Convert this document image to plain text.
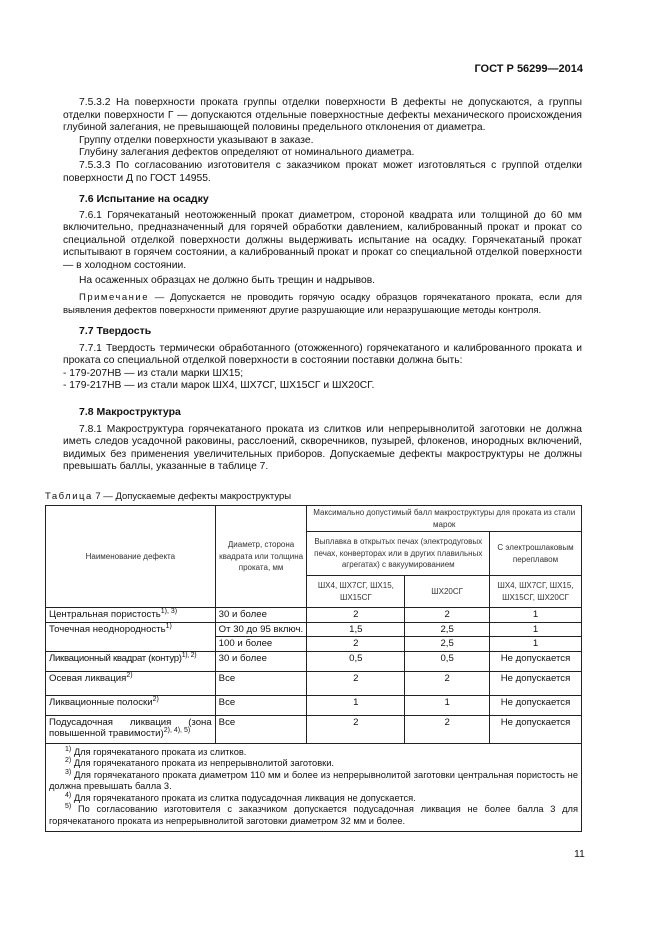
ГОСТ Р 56299—2014

7.5.3.2 На поверхности проката группы отделки поверхности В дефекты не допускаются, а группы отделки поверхности Г — допускаются отдельные поверхностные дефекты механического происхождения глубиной залегания, не превышающей половины предельного отклонения от диаметра.

Группу отделки поверхности указывают в заказе.

Глубину залегания дефектов определяют от номинального диаметра.

7.5.3.3 По согласованию изготовителя с заказчиком прокат может изготовляться с группой отделки поверхности Д по ГОСТ 14955.

7.6 Испытание на осадку

7.6.1 Горячекатаный неотожженный прокат диаметром, стороной квадрата или толщиной до 60 мм включительно, предназначенный для горячей обработки давлением, калиброванный прокат и прокат со специальной отделкой поверхности должны выдерживать испытание на осадку. Горячекатаный прокат испытывают в горячем состоянии, а калиброванный прокат и прокат со специальной отделкой поверхности — в холодном состоянии.

На осаженных образцах не должно быть трещин и надрывов.

Примечание — Допускается не проводить горячую осадку образцов горячекатаного проката, если для выявления дефектов поверхности применяют другие разрушающие или неразрушающие методы контроля.

7.7 Твердость

7.7.1 Твердость термически обработанного (отожженного) горячекатаного и калиброванного проката и проката со специальной отделкой поверхности в состоянии поставки должна быть:

- 179-207НВ — из стали марки ШХ15;

- 179-217НВ — из стали марок ШХ4, ШХ7СГ, ШХ15СГ и ШХ20СГ.

7.8 Макроструктура

7.8.1 Макроструктура горячекатаного проката из слитков или непрерывнолитой заготовки не должна иметь следов усадочной раковины, расслоений, скворечников, пузырей, флокенов, инородных включений, видимых без применения увеличительных приборов. Допускаемые дефекты макроструктуры не должны превышать баллы, указанные в таблице 7.

Таблица 7 — Допускаемые дефекты макроструктуры
Наименование дефекта	Диаметр, сторона квадрата или толщина проката, мм	Максимально допустимый балл макроструктуры для проката из стали марок		
		Выплавка в открытых печах (электродуговых печах, конверторах или в других плавильных агрегатах) с вакуумированием		С электрошлаковым переплавом
		ШХ4, ШХ7СГ, ШХ15, ШХ15СГ	ШХ20СГ	ШХ4, ШХ7СГ, ШХ15, ШХ15СГ, ШХ20СГ
Центральная пористость$^{1), 3)}$	30 и более	2	2	1
Точечная неоднородность$^{1)}$	От 30 до 95 включ.	1,5	2,5	1
	100 и более	2	2,5	1
Ликвационный квадрат (контур)$^{1), 2)}$	30 и более	0,5	0,5	Не допускается
Осевая ликвация$^{2)}$	Все	2	2	Не допускается
Ликвационные полоски$^{2)}$	Все	1	1	Не допускается
Подусадочная ликвация (зона повышенной травимости)$^{2), 4), 5)}$	Все	2	2	Не допускается

$^{1)}$ Для горячекатаного проката из слитков.

$^{2)}$ Для горячекатаного проката из непрерывнолитой заготовки.

$^{3)}$ Для горячекатаного проката диаметром 110 мм и более из непрерывнолитой заготовки центральная пористость не должна превышать балла 3.

$^{4)}$ Для горячекатаного проката из слитка подусадочная ликвация не допускается.

$^{5)}$ По согласованию изготовителя с заказчиком допускается подусадочная ликвация не более балла 3 для горячекатаного проката из непрерывнолитой заготовки диаметром 32 мм и более.				

11
